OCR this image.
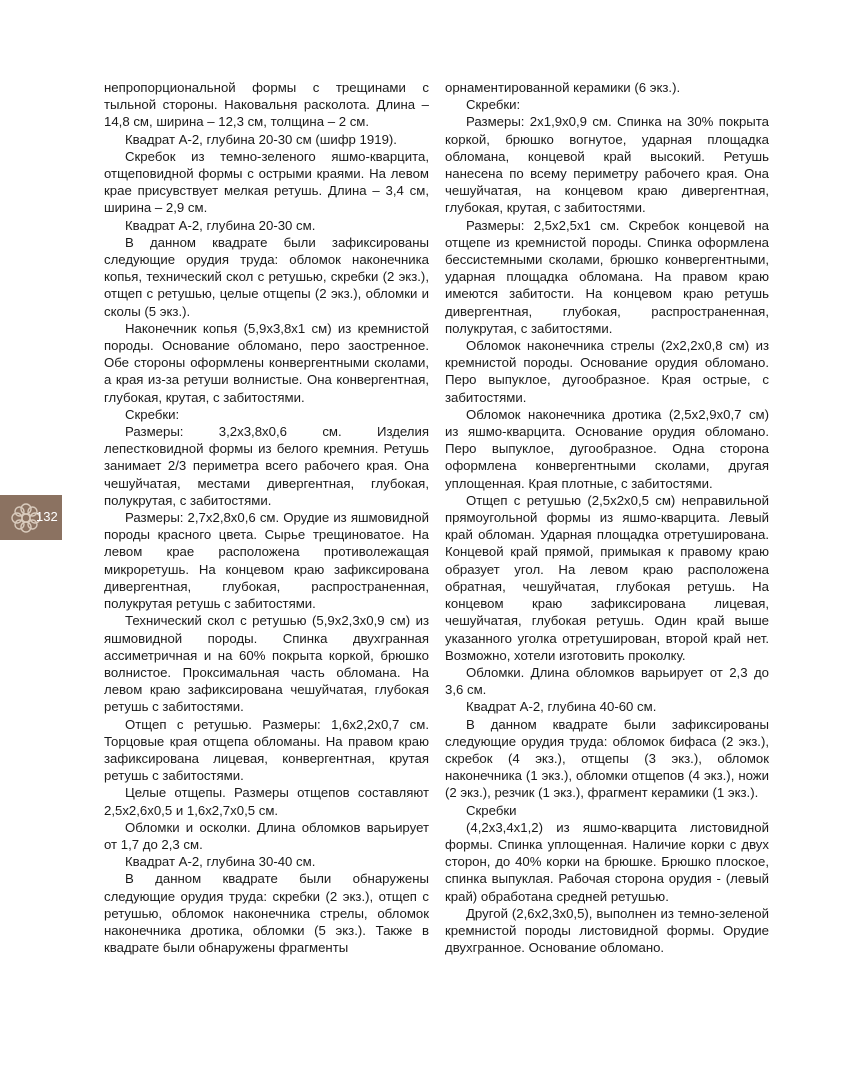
непропорциональной формы с трещинами с тыльной стороны. Наковальня расколота. Длина – 14,8 см, ширина – 12,3 см, толщина – 2 см.

Квадрат А-2, глубина 20-30 см (шифр 1919).

Скребок из темно-зеленого яшмо-кварцита, отщеповидной формы с острыми краями. На левом крае присувствует мелкая ретушь. Длина – 3,4 см, ширина – 2,9 см.

Квадрат А-2, глубина 20-30 см.

В данном квадрате были зафиксированы следующие орудия труда: обломок наконечника копья, технический скол с ретушью, скребки (2 экз.), отщеп с ретушью, целые отщепы (2 экз.), обломки и сколы (5 экз.).

Наконечник копья (5,9х3,8х1 см) из кремнистой породы. Основание обломано, перо заостренное. Обе стороны оформлены конвергентными сколами, а края из-за ретуши волнистые. Она конвергентная, глубокая, крутая, с забитостями.

Скребки:

Размеры: 3,2х3,8х0,6 см. Изделия лепестковидной формы из белого кремния. Ретушь занимает 2/3 периметра всего рабочего края. Она чешуйчатая, местами дивергентная, глубокая, полукрутая, с забитостями.

Размеры: 2,7х2,8х0,6 см. Орудие из яшмовидной породы красного цвета. Сырье трещиноватое. На левом крае расположена противолежащая микроретушь. На концевом краю зафиксирована дивергентная, глубокая, распространенная, полукрутая ретушь с забитостями.

Технический скол с ретушью (5,9х2,3х0,9 см) из яшмовидной породы. Спинка двухгранная ассиметричная и на 60% покрыта коркой, брюшко волнистое. Проксимальная часть обломана. На левом краю зафиксирована чешуйчатая, глубокая ретушь с забитостями.

Отщеп с ретушью. Размеры: 1,6х2,2х0,7 см. Торцовые края отщепа обломаны. На правом краю зафиксирована лицевая, конвергентная, крутая ретушь с забитостями.

Целые отщепы. Размеры отщепов составляют 2,5х2,6х0,5 и 1,6х2,7х0,5 см.

Обломки и осколки. Длина обломков варьирует от 1,7 до 2,3 см.

Квадрат А-2, глубина 30-40 см.

В данном квадрате были обнаружены следующие орудия труда: скребки (2 экз.), отщеп с ретушью, обломок наконечника стрелы, обломок наконечника дротика, обломки (5 экз.). Также в квадрате были обнаружены фрагменты

орнаментированной керамики (6 экз.).

Скребки:

Размеры: 2х1,9х0,9 см. Спинка на 30% покрыта коркой, брюшко вогнутое, ударная площадка обломана, концевой край высокий. Ретушь нанесена по всему периметру рабочего края. Она чешуйчатая, на концевом краю дивергентная, глубокая, крутая, с забитостями.

Размеры: 2,5х2,5х1 см. Скребок концевой на отщепе из кремнистой породы. Спинка оформлена бессистемными сколами, брюшко конвергентными, ударная площадка обломана. На правом краю имеются забитости. На концевом краю ретушь дивергентная, глубокая, распространенная, полукрутая, с забитостями.

Обломок наконечника стрелы (2х2,2х0,8 см) из кремнистой породы. Основание орудия обломано. Перо выпуклое, дугообразное. Края острые, с забитостями.

Обломок наконечника дротика (2,5х2,9х0,7 см) из яшмо-кварцита. Основание орудия обломано. Перо выпуклое, дугообразное. Одна сторона оформлена конвергентными сколами, другая уплощенная. Края плотные, с забитостями.

Отщеп с ретушью (2,5х2х0,5 см) неправильной прямоугольной формы из яшмо-кварцита. Левый край обломан. Ударная площадка отретуширована. Концевой край прямой, примыкая к правому краю образует угол. На левом краю расположена обратная, чешуйчатая, глубокая ретушь. На концевом краю зафиксирована лицевая, чешуйчатая, глубокая ретушь. Один край выше указанного уголка отретуширован, второй край нет. Возможно, хотели изготовить проколку.

Обломки. Длина обломков варьирует от 2,3 до 3,6 см.

Квадрат А-2, глубина 40-60 см.

В данном квадрате были зафиксированы следующие орудия труда: обломок бифаса (2 экз.), скребок (4 экз.), отщепы (3 экз.), обломок наконечника (1 экз.), обломки отщепов (4 экз.), ножи (2 экз.), резчик (1 экз.), фрагмент керамики (1 экз.).

Скребки

(4,2х3,4х1,2) из яшмо-кварцита листовидной формы. Спинка уплощенная. Наличие корки с двух сторон, до 40% корки на брюшке. Брюшко плоское, спинка выпуклая. Рабочая сторона орудия - (левый край) обработана средней ретушью.

Другой (2,6х2,3х0,5), выполнен из темно-зеленой кремнистой породы листовидной формы. Орудие двухгранное. Основание обломано.

132
